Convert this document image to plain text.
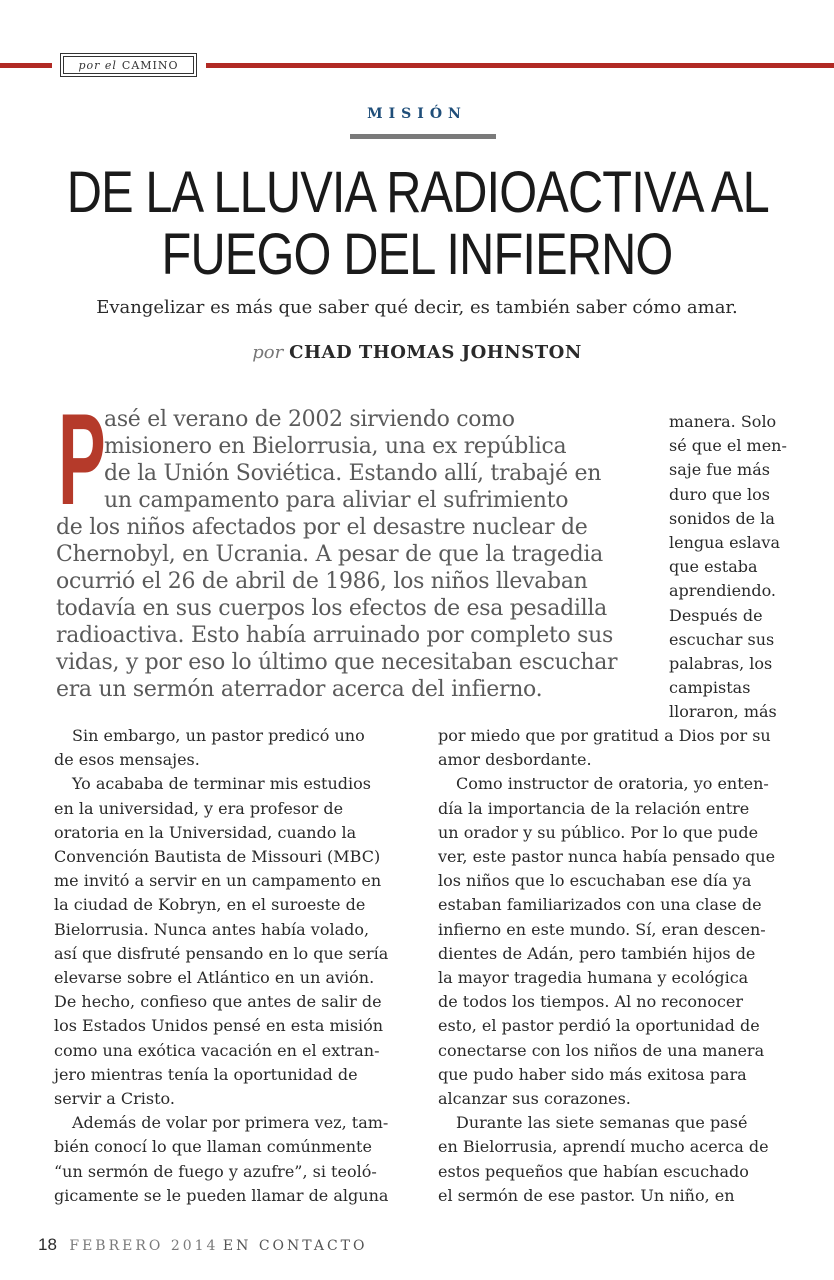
por el CAMINO
MISIÓN
DE LA LLUVIA RADIOACTIVA AL
FUEGO DEL INFIERNO
Evangelizar es más que saber qué decir, es también saber cómo amar.
por CHAD THOMAS JOHNSTON
P
asé el verano de 2002 sirviendo como
misionero en Bielorrusia, una ex república
de la Unión Soviética. Estando allí, trabajé en
un campamento para aliviar el sufrimiento
de los niños afectados por el desastre nuclear de
Chernobyl, en Ucrania. A pesar de que la tragedia
ocurrió el 26 de abril de 1986, los niños llevaban
todavía en sus cuerpos los efectos de esa pesadilla
radioactiva. Esto había arruinado por completo sus
vidas, y por eso lo último que necesitaban escuchar
era un sermón aterrador acerca del infierno.
manera. Solo
sé que el men-
saje fue más
duro que los
sonidos de la
lengua eslava
que estaba
aprendiendo.
Después de
escuchar sus
palabras, los
campistas
lloraron, más
Sin embargo, un pastor predicó uno
de esos mensajes.
Yo acababa de terminar mis estudios
en la universidad, y era profesor de
oratoria en la Universidad, cuando la
Convención Bautista de Missouri (MBC)
me invitó a servir en un campamento en
la ciudad de Kobryn, en el suroeste de
Bielorrusia. Nunca antes había volado,
así que disfruté pensando en lo que sería
elevarse sobre el Atlántico en un avión.
De hecho, confieso que antes de salir de
los Estados Unidos pensé en esta misión
como una exótica vacación en el extran-
jero mientras tenía la oportunidad de
servir a Cristo.
Además de volar por primera vez, tam-
bién conocí lo que llaman comúnmente
“un sermón de fuego y azufre”, si teoló-
gicamente se le pueden llamar de alguna
por miedo que por gratitud a Dios por su
amor desbordante.
Como instructor de oratoria, yo enten-
día la importancia de la relación entre
un orador y su público. Por lo que pude
ver, este pastor nunca había pensado que
los niños que lo escuchaban ese día ya
estaban familiarizados con una clase de
infierno en este mundo. Sí, eran descen-
dientes de Adán, pero también hijos de
la mayor tragedia humana y ecológica
de todos los tiempos. Al no reconocer
esto, el pastor perdió la oportunidad de
conectarse con los niños de una manera
que pudo haber sido más exitosa para
alcanzar sus corazones.
Durante las siete semanas que pasé
en Bielorrusia, aprendí mucho acerca de
estos pequeños que habían escuchado
el sermón de ese pastor. Un niño, en
18 FEBRERO 2014 EN CONTACTO
